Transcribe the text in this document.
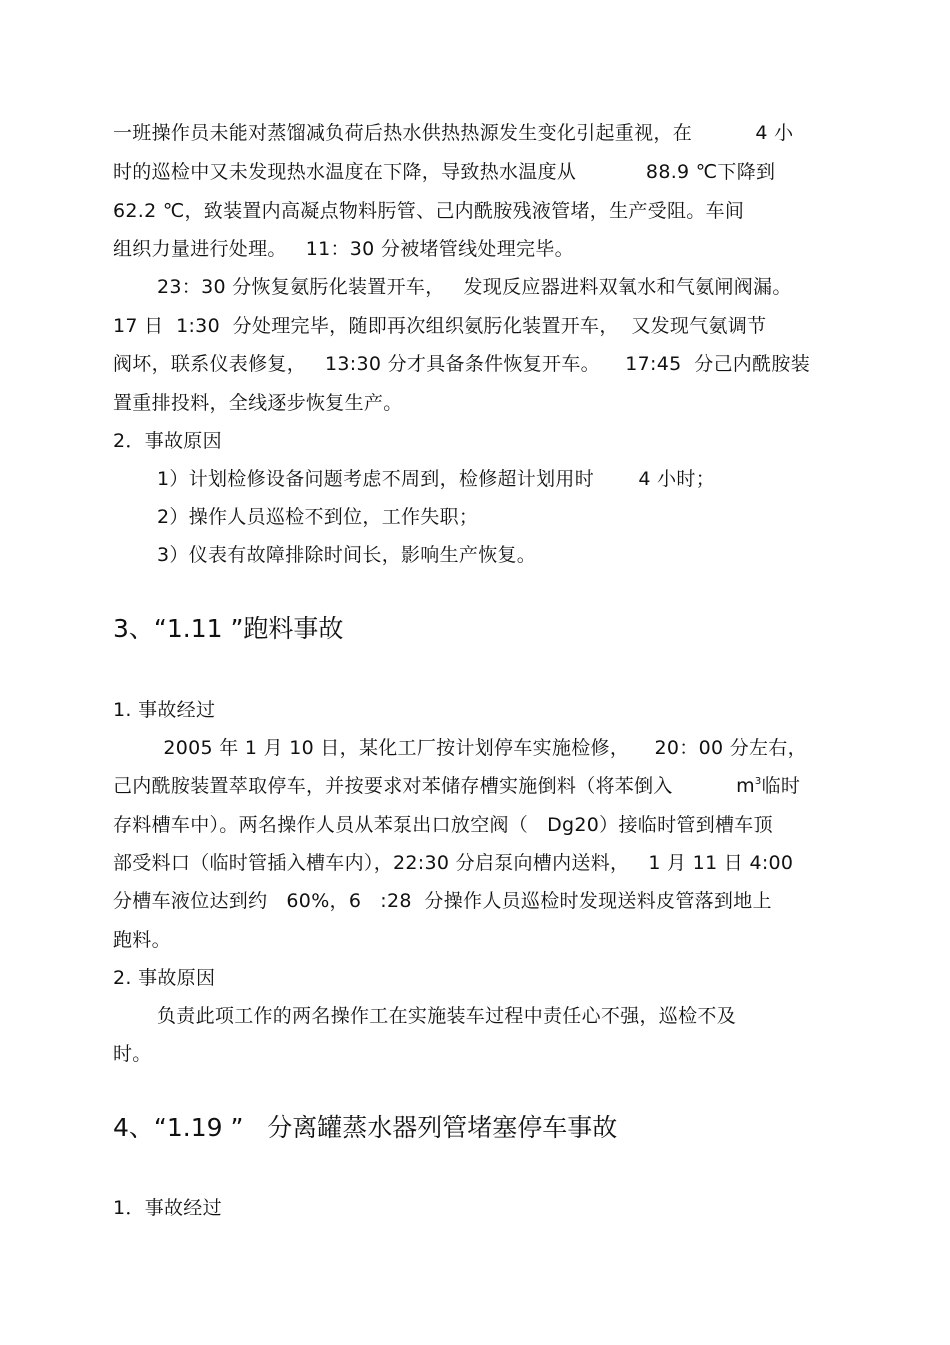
一班操作员未能对蒸馏减负荷后热水供热热源发生变化引起重视，在          4 小
时的巡检中又未发现热水温度在下降，导致热水温度从           88.9 ℃下降到
62.2 ℃，致装置内高凝点物料肟管、己内酰胺残液管堵，生产受阻。车间
组织力量进行处理。   11：30 分被堵管线处理完毕。
23：30 分恢复氨肟化装置开车，   发现反应器进料双氧水和气氨闸阀漏。
17 日  1:30  分处理完毕，随即再次组织氨肟化装置开车，  又发现气氨调节
阀坏，联系仪表修复，   13:30 分才具备条件恢复开车。    17:45  分己内酰胺装
置重排投料，全线逐步恢复生产。
2．事故原因
1）计划检修设备问题考虑不周到，检修超计划用时       4 小时；
2）操作人员巡检不到位，工作失职；
3）仪表有故障排除时间长，影响生产恢复。
3、“1.11 ”跑料事故
1. 事故经过
2005 年 1 月 10 日，某化工厂按计划停车实施检修，    20：00 分左右，
己内酰胺装置萃取停车，并按要求对苯储存槽实施倒料（将苯倒入          $m^3$临时
存料槽车中）。两名操作人员从苯泵出口放空阀（   Dg20）接临时管到槽车顶
部受料口（临时管插入槽车内），22:30 分启泵向槽内送料，   1 月 11 日 4:00
分槽车液位达到约   60%，6   :28  分操作人员巡检时发现送料皮管落到地上
跑料。
2. 事故原因
负责此项工作的两名操作工在实施装车过程中责任心不强，巡检不及
时。
4、“1.19 ”   分离罐蒸水器列管堵塞停车事故
1．事故经过
